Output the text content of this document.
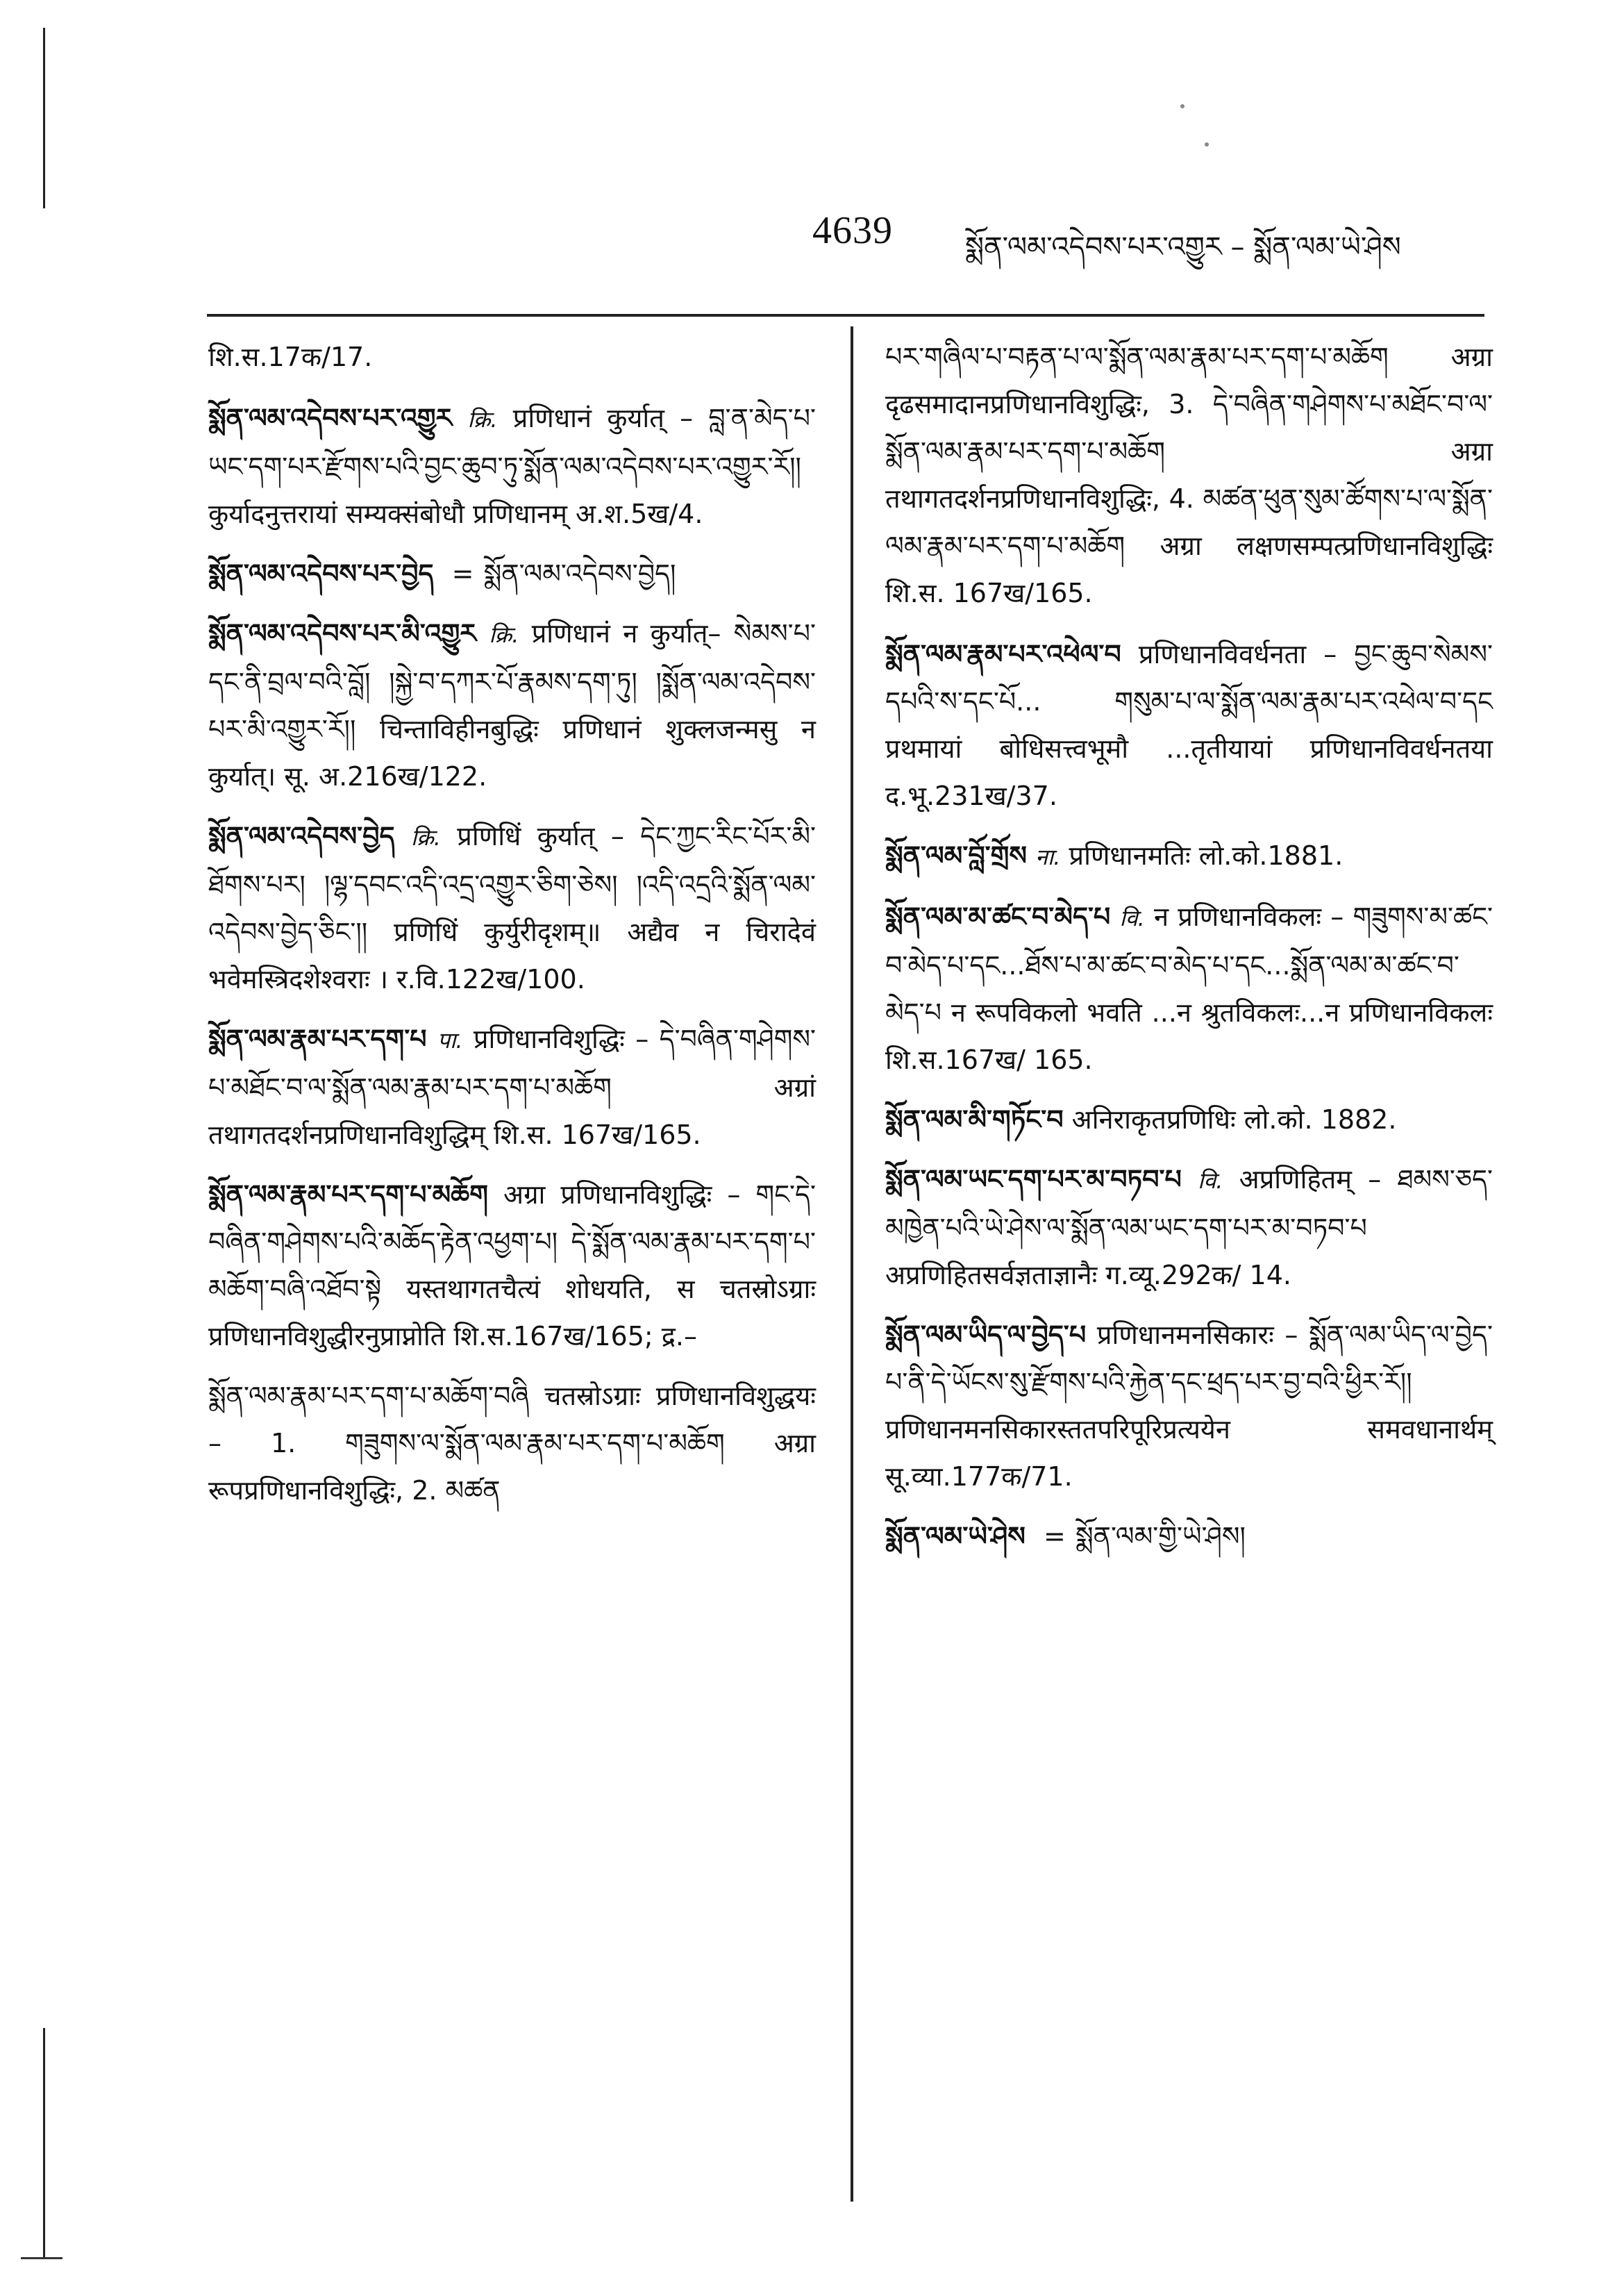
4639	སྨོན་ལམ་འདེབས་པར་འགྱུར – སྨོན་ལམ་ཡེ་ཤེས

शि.स.17क/17.

སྨོན་ལམ་འདེབས་པར་འགྱུར क्रि. प्रणिधानं कुर्यात् – བླ་ན་མེད་པ་ཡང་དག་པར་རྫོགས་པའི་བྱང་ཆུབ་ཏུ་སྨོན་ལམ་འདེབས་པར་འགྱུར་རོ།། कुर्यादनुत्तरायां सम्यक्संबोधौ प्रणिधानम् अ.श.5ख/4.

སྨོན་ལམ་འདེབས་པར་བྱེད = སྨོན་ལམ་འདེབས་བྱེད།

སྨོན་ལམ་འདེབས་པར་མི་འགྱུར क्रि. प्रणिधानं न कुर्यात्– སེམས་པ་དང་ནི་བྲལ་བའི་བློ། །སྐྱེ་བ་དཀར་པོ་རྣམས་དག་ཏུ། །སྨོན་ལམ་འདེབས་པར་མི་འགྱུར་རོ།། चिन्ताविहीनबुद्धिः प्रणिधानं शुक्लजन्मसु न कुर्यात्। सू. अ.216ख/122.

སྨོན་ལམ་འདེབས་བྱེད क्रि. प्रणिधिं कुर्यात् – དེང་ཀྱང་རིང་པོར་མི་ཐོགས་པར། །ལྷ་དབང་འདི་འདྲ་འགྱུར་ཅིག་ཅེས། །འདི་འདྲའི་སྨོན་ལམ་འདེབས་བྱེད་ཅིང་།། प्रणिधिं कुर्युरीदृशम्॥ अद्यैव न चिरादेवं भवेमस्त्रिदशेश्वराः । र.वि.122ख/100.

སྨོན་ལམ་རྣམ་པར་དག་པ पा. प्रणिधानविशुद्धिः – དེ་བཞིན་གཤེགས་པ་མཐོང་བ་ལ་སྨོན་ལམ་རྣམ་པར་དག་པ་མཆོག अग्रां तथागतदर्शनप्रणिधानविशुद्धिम् शि.स. 167ख/165.

སྨོན་ལམ་རྣམ་པར་དག་པ་མཆོག अग्रा प्रणिधानविशुद्धिः – གང་དེ་བཞིན་གཤེགས་པའི་མཆོད་རྟེན་འཕྱག་པ། དེ་སྨོན་ལམ་རྣམ་པར་དག་པ་མཆོག་བཞི་འཐོབ་སྟེ यस्तथागतचैत्यं शोधयति, स चतस्रोऽग्राः प्रणिधानविशुद्धीरनुप्राप्नोति शि.स.167ख/165; द्र.–

སྨོན་ལམ་རྣམ་པར་དག་པ་མཆོག་བཞི चतस्रोऽग्राः प्रणिधानविशुद्धयः – 1. གཟུགས་ལ་སྨོན་ལམ་རྣམ་པར་དག་པ་མཆོག अग्रा रूपप्रणिधानविशुद्धिः, 2. མཚན

པར་གཞིལ་པ་བརྟན་པ་ལ་སྨོན་ལམ་རྣམ་པར་དག་པ་མཆོག अग्रा दृढसमादानप्रणिधानविशुद्धिः, 3. དེ་བཞིན་གཤེགས་པ་མཐོང་བ་ལ་སྨོན་ལམ་རྣམ་པར་དག་པ་མཆོག अग्रा तथागतदर्शनप्रणिधानविशुद्धिः, 4. མཚན་ཕུན་སུམ་ཚོགས་པ་ལ་སྨོན་ལམ་རྣམ་པར་དག་པ་མཆོག अग्रा लक्षणसम्पत्प्रणिधानविशुद्धिः शि.स. 167ख/165.

སྨོན་ལམ་རྣམ་པར་འཕེལ་བ प्रणिधानविवर्धनता – བྱང་ཆུབ་སེམས་དཔའི་ས་དང་པོ... གསུམ་པ་ལ་སྨོན་ལམ་རྣམ་པར་འཕེལ་བ་དང प्रथमायां बोधिसत्त्वभूमौ ...तृतीयायां प्रणिधानविवर्धनतया द.भू.231ख/37.

སྨོན་ལམ་བློ་གྲོས ना. प्रणिधानमतिः लो.को.1881.

སྨོན་ལམ་མ་ཚང་བ་མེད་པ वि. न प्रणिधानविकलः – གཟུགས་མ་ཚང་བ་མེད་པ་དང...ཐོས་པ་མ་ཚང་བ་མེད་པ་དང...སྨོན་ལམ་མ་ཚང་བ་མེད་པ न रूपविकलो भवति ...न श्रुतविकलः...न प्रणिधानविकलः शि.स.167ख/ 165.

སྨོན་ལམ་མི་གཏོང་བ अनिराकृतप्रणिधिः लो.को. 1882.

སྨོན་ལམ་ཡང་དག་པར་མ་བཏབ་པ वि. अप्रणिहितम् – ཐམས་ཅད་མཁྱེན་པའི་ཡེ་ཤེས་ལ་སྨོན་ལམ་ཡང་དག་པར་མ་བཏབ་པ अप्रणिहितसर्वज्ञताज्ञानैः ग.व्यू.292क/ 14.

སྨོན་ལམ་ཡིད་ལ་བྱེད་པ प्रणिधानमनसिकारः – སྨོན་ལམ་ཡིད་ལ་བྱེད་པ་ནི་དེ་ཡོངས་སུ་རྫོགས་པའི་རྐྱེན་དང་ཕྲད་པར་བྱ་བའི་ཕྱིར་རོ།། प्रणिधानमनसिकारस्ततपरिपूरिप्रत्ययेन समवधानार्थम् सू.व्या.177क/71.

སྨོན་ལམ་ཡེ་ཤེས = སྨོན་ལམ་གྱི་ཡེ་ཤེས།
